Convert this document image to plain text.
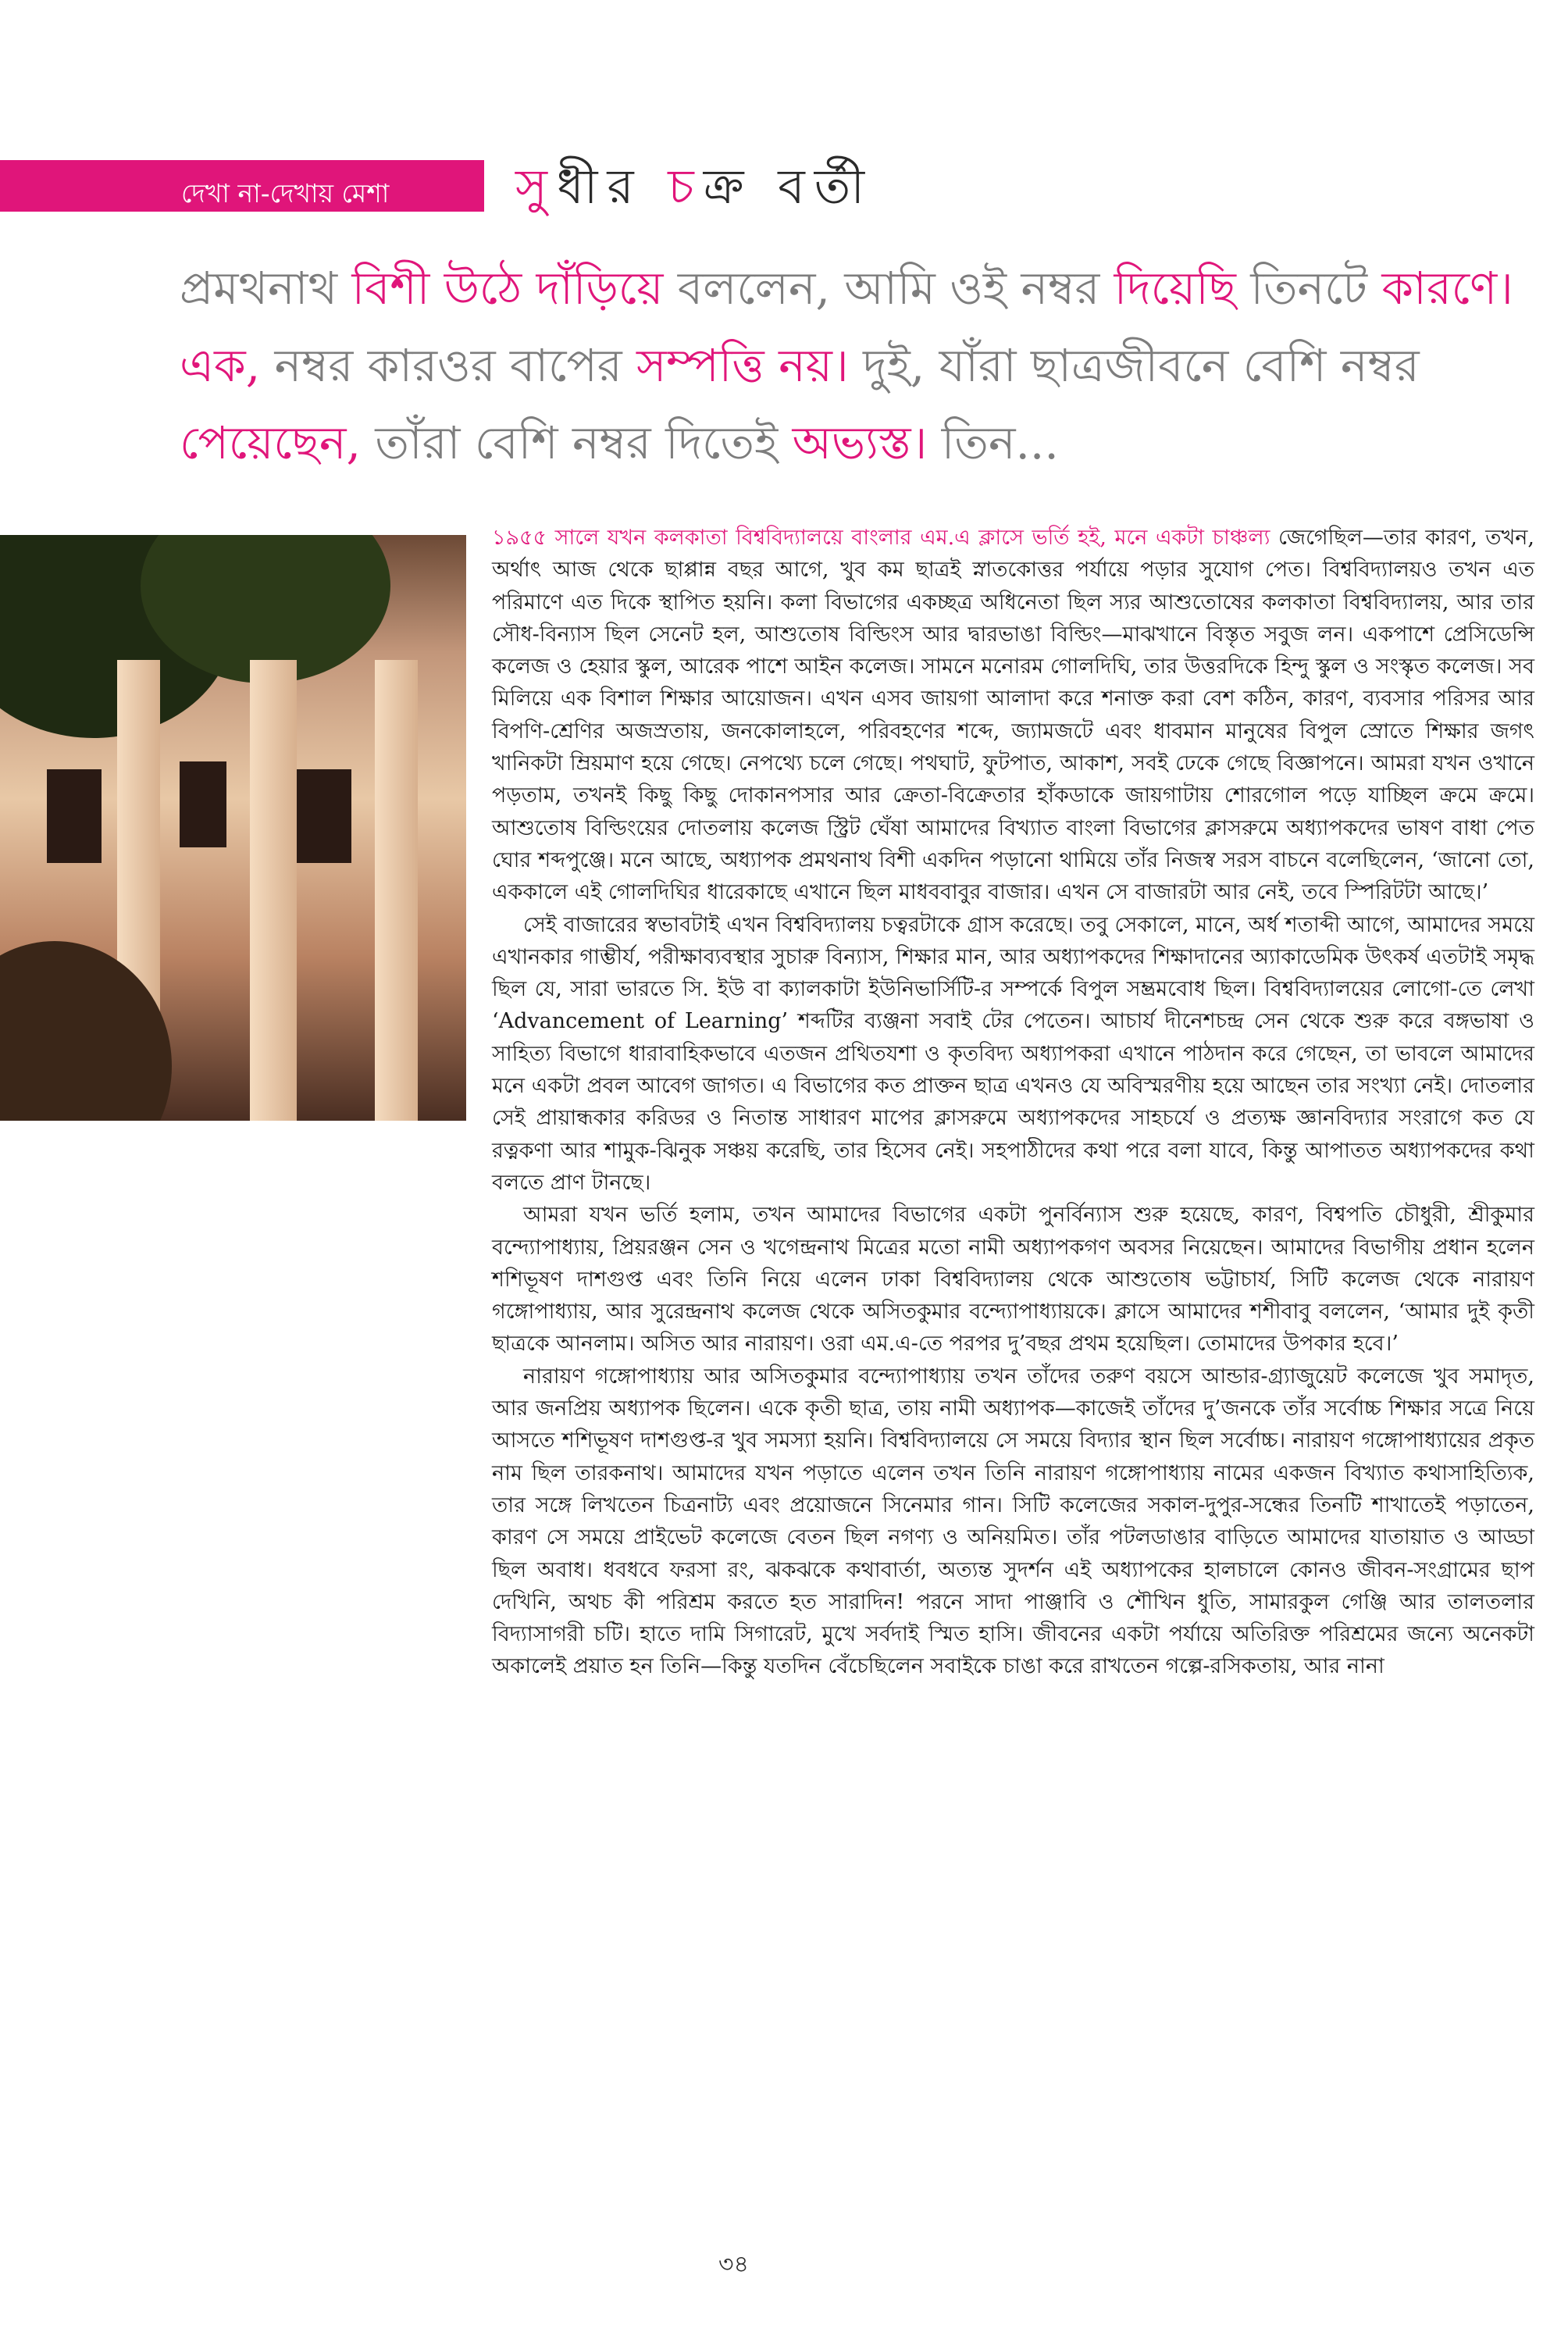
দেখা না-দেখায় মেশা	সুধীর চক্র বর্তী
প্রমথনাথ বিশী উঠে দাঁড়িয়ে বললেন, আমি ওই নম্বর দিয়েছি তিনটে কারণে। এক, নম্বর কারওর বাপের সম্পত্তি নয়। দুই, যাঁরা ছাত্রজীবনে বেশি নম্বর পেয়েছেন, তাঁরা বেশি নম্বর দিতেই অভ্যস্ত। তিন...

১৯৫৫ সালে যখন কলকাতা বিশ্ববিদ্যালয়ে বাংলার এম.এ ক্লাসে ভর্তি হই, মনে একটা চাঞ্চল্য জেগেছিল—তার কারণ, তখন, অর্থাৎ আজ থেকে ছাপ্পান্ন বছর আগে, খুব কম ছাত্রই স্নাতকোত্তর পর্যায়ে পড়ার সুযোগ পেত। বিশ্ববিদ্যালয়ও তখন এত পরিমাণে এত দিকে স্থাপিত হয়নি। কলা বিভাগের একচ্ছত্র অধিনেতা ছিল স্যর আশুতোষের কলকাতা বিশ্ববিদ্যালয়, আর তার সৌধ-বিন্যাস ছিল সেনেট হল, আশুতোষ বিল্ডিংস আর দ্বারভাঙা বিল্ডিং—মাঝখানে বিস্তৃত সবুজ লন। একপাশে প্রেসিডেন্সি কলেজ ও হেয়ার স্কুল, আরেক পাশে আইন কলেজ। সামনে মনোরম গোলদিঘি, তার উত্তরদিকে হিন্দু স্কুল ও সংস্কৃত কলেজ। সব মিলিয়ে এক বিশাল শিক্ষার আয়োজন। এখন এসব জায়গা আলাদা করে শনাক্ত করা বেশ কঠিন, কারণ, ব্যবসার পরিসর আর বিপণি-শ্রেণির অজস্রতায়, জনকোলাহলে, পরিবহণের শব্দে, জ্যামজটে এবং ধাবমান মানুষের বিপুল স্রোতে শিক্ষার জগৎ খানিকটা ম্রিয়মাণ হয়ে গেছে। নেপথ্যে চলে গেছে। পথঘাট, ফুটপাত, আকাশ, সবই ঢেকে গেছে বিজ্ঞাপনে। আমরা যখন ওখানে পড়তাম, তখনই কিছু কিছু দোকানপসার আর ক্রেতা-বিক্রেতার হাঁকডাকে জায়গাটায় শোরগোল পড়ে যাচ্ছিল ক্রমে ক্রমে। আশুতোষ বিল্ডিংয়ের দোতলায় কলেজ স্ট্রিট ঘেঁষা আমাদের বিখ্যাত বাংলা বিভাগের ক্লাসরুমে অধ্যাপকদের ভাষণ বাধা পেত ঘোর শব্দপুঞ্জে। মনে আছে, অধ্যাপক প্রমথনাথ বিশী একদিন পড়ানো থামিয়ে তাঁর নিজস্ব সরস বাচনে বলেছিলেন, ‘জানো তো, এককালে এই গোলদিঘির ধারেকাছে এখানে ছিল মাধববাবুর বাজার। এখন সে বাজারটা আর নেই, তবে স্পিরিটটা আছে।’

সেই বাজারের স্বভাবটাই এখন বিশ্ববিদ্যালয় চত্বরটাকে গ্রাস করেছে। তবু সেকালে, মানে, অর্ধ শতাব্দী আগে, আমাদের সময়ে এখানকার গাম্ভীর্য, পরীক্ষাব্যবস্থার সুচারু বিন্যাস, শিক্ষার মান, আর অধ্যাপকদের শিক্ষাদানের অ্যাকাডেমিক উৎকর্ষ এতটাই সমৃদ্ধ ছিল যে, সারা ভারতে সি. ইউ বা ক্যালকাটা ইউনিভার্সিটি-র সম্পর্কে বিপুল সম্ভ্রমবোধ ছিল। বিশ্ববিদ্যালয়ের লোগো-তে লেখা ‘Advancement of Learning’ শব্দটির ব্যঞ্জনা সবাই টের পেতেন। আচার্য দীনেশচন্দ্র সেন থেকে শুরু করে বঙ্গভাষা ও সাহিত্য বিভাগে ধারাবাহিকভাবে এতজন প্রথিতযশা ও কৃতবিদ্য অধ্যাপকরা এখানে পাঠদান করে গেছেন, তা ভাবলে আমাদের মনে একটা প্রবল আবেগ জাগত। এ বিভাগের কত প্রাক্তন ছাত্র এখনও যে অবিস্মরণীয় হয়ে আছেন তার সংখ্যা নেই। দোতলার সেই প্রায়ান্ধকার করিডর ও নিতান্ত সাধারণ মাপের ক্লাসরুমে অধ্যাপকদের সাহচর্যে ও প্রত্যক্ষ জ্ঞানবিদ্যার সংরাগে কত যে রত্নকণা আর শামুক-ঝিনুক সঞ্চয় করেছি, তার হিসেব নেই। সহপাঠীদের কথা পরে বলা যাবে, কিন্তু আপাতত অধ্যাপকদের কথা বলতে প্রাণ টানছে।

আমরা যখন ভর্তি হলাম, তখন আমাদের বিভাগের একটা পুনর্বিন্যাস শুরু হয়েছে, কারণ, বিশ্বপতি চৌধুরী, শ্রীকুমার বন্দ্যোপাধ্যায়, প্রিয়রঞ্জন সেন ও খগেন্দ্রনাথ মিত্রের মতো নামী অধ্যাপকগণ অবসর নিয়েছেন। আমাদের বিভাগীয় প্রধান হলেন শশিভূষণ দাশগুপ্ত এবং তিনি নিয়ে এলেন ঢাকা বিশ্ববিদ্যালয় থেকে আশুতোষ ভট্টাচার্য, সিটি কলেজ থেকে নারায়ণ গঙ্গোপাধ্যায়, আর সুরেন্দ্রনাথ কলেজ থেকে অসিতকুমার বন্দ্যোপাধ্যায়কে। ক্লাসে আমাদের শশীবাবু বললেন, ‘আমার দুই কৃতী ছাত্রকে আনলাম। অসিত আর নারায়ণ। ওরা এম.এ-তে পরপর দু’বছর প্রথম হয়েছিল। তোমাদের উপকার হবে।’

নারায়ণ গঙ্গোপাধ্যায় আর অসিতকুমার বন্দ্যোপাধ্যায় তখন তাঁদের তরুণ বয়সে আন্ডার-গ্র্যাজুয়েট কলেজে খুব সমাদৃত, আর জনপ্রিয় অধ্যাপক ছিলেন। একে কৃতী ছাত্র, তায় নামী অধ্যাপক—কাজেই তাঁদের দু’জনকে তাঁর সর্বোচ্চ শিক্ষার সত্রে নিয়ে আসতে শশিভূষণ দাশগুপ্ত-র খুব সমস্যা হয়নি। বিশ্ববিদ্যালয়ে সে সময়ে বিদ্যার স্থান ছিল সর্বোচ্চ। নারায়ণ গঙ্গোপাধ্যায়ের প্রকৃত নাম ছিল তারকনাথ। আমাদের যখন পড়াতে এলেন তখন তিনি নারায়ণ গঙ্গোপাধ্যায় নামের একজন বিখ্যাত কথাসাহিত্যিক, তার সঙ্গে লিখতেন চিত্রনাট্য এবং প্রয়োজনে সিনেমার গান। সিটি কলেজের সকাল-দুপুর-সন্ধের তিনটি শাখাতেই পড়াতেন, কারণ সে সময়ে প্রাইভেট কলেজে বেতন ছিল নগণ্য ও অনিয়মিত। তাঁর পটলডাঙার বাড়িতে আমাদের যাতায়াত ও আড্ডা ছিল অবাধ। ধবধবে ফরসা রং, ঝকঝকে কথাবার্তা, অত্যন্ত সুদর্শন এই অধ্যাপকের হালচালে কোনও জীবন-সংগ্রামের ছাপ দেখিনি, অথচ কী পরিশ্রম করতে হত সারাদিন! পরনে সাদা পাঞ্জাবি ও শৌখিন ধুতি, সামারকুল গেঞ্জি আর তালতলার বিদ্যাসাগরী চটি। হাতে দামি সিগারেট, মুখে সর্বদাই স্মিত হাসি। জীবনের একটা পর্যায়ে অতিরিক্ত পরিশ্রমের জন্যে অনেকটা অকালেই প্রয়াত হন তিনি—কিন্তু যতদিন বেঁচেছিলেন সবাইকে চাঙা করে রাখতেন গল্পে-রসিকতায়, আর নানা

৩৪
